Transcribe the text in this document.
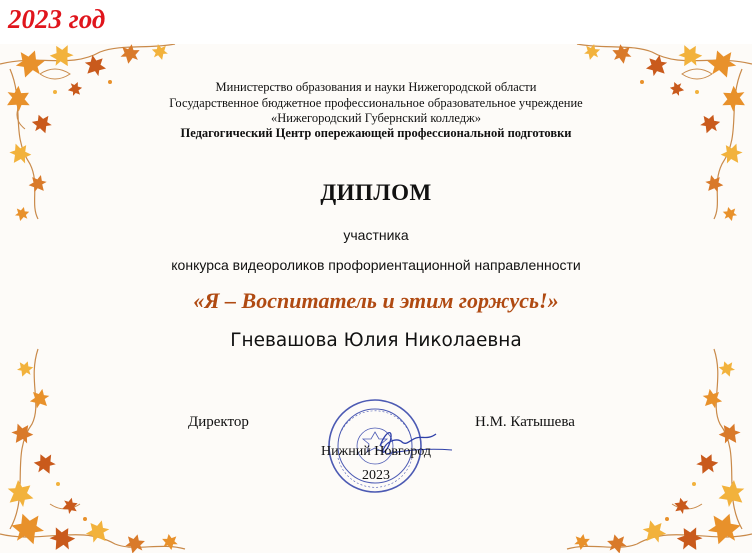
2023 год
Министерство образования и науки Нижегородской области
Государственное бюджетное профессиональное образовательное учреждение
«Нижегородский Губернский колледж»
Педагогический Центр опережающей профессиональной подготовки
ДИПЛОМ
участника
конкурса видеороликов профориентационной направленности
«Я – Воспитатель и этим горжусь!»
Гневашова Юлия Николаевна
Директор	Н.М. Катышева
Нижний Новгород
2023
